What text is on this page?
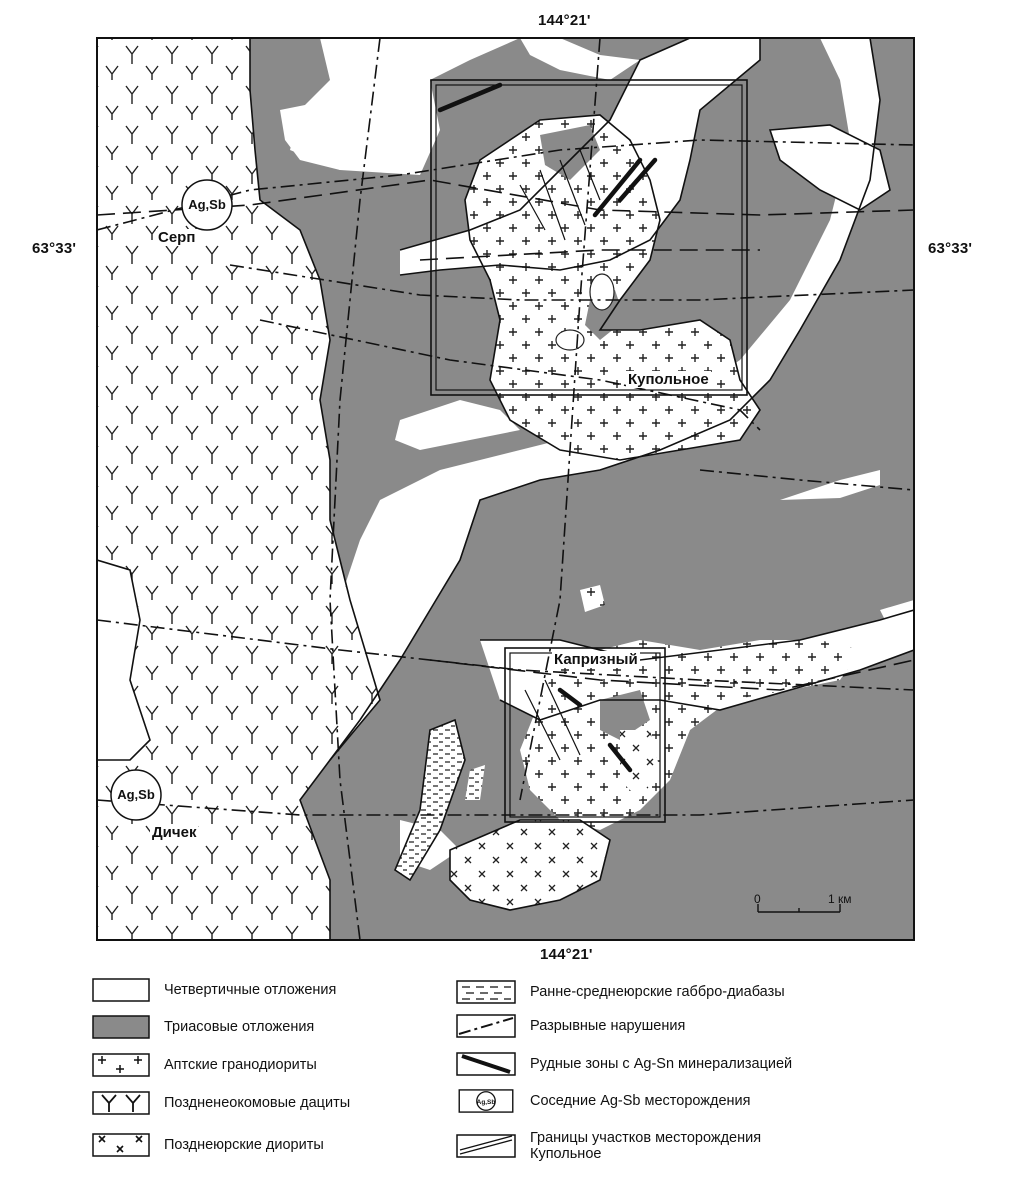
144°21'
144°21'
63°33'	63°33'
Ag,Sb
Серп
Ag,Sb
Дичек
Купольное
Капризный
0	1 км
Четвертичные отложения
Триасовые отложения
Аптские гранодиориты
Поздненеокомовые дациты
Позднеюрские диориты
Ранне-среднеюрские габбро-диабазы
Разрывные нарушения
Рудные зоны с Ag-Sn минерализацией
Ag,Sb Соседние Ag-Sb месторождения
Границы участков месторождения Купольное
